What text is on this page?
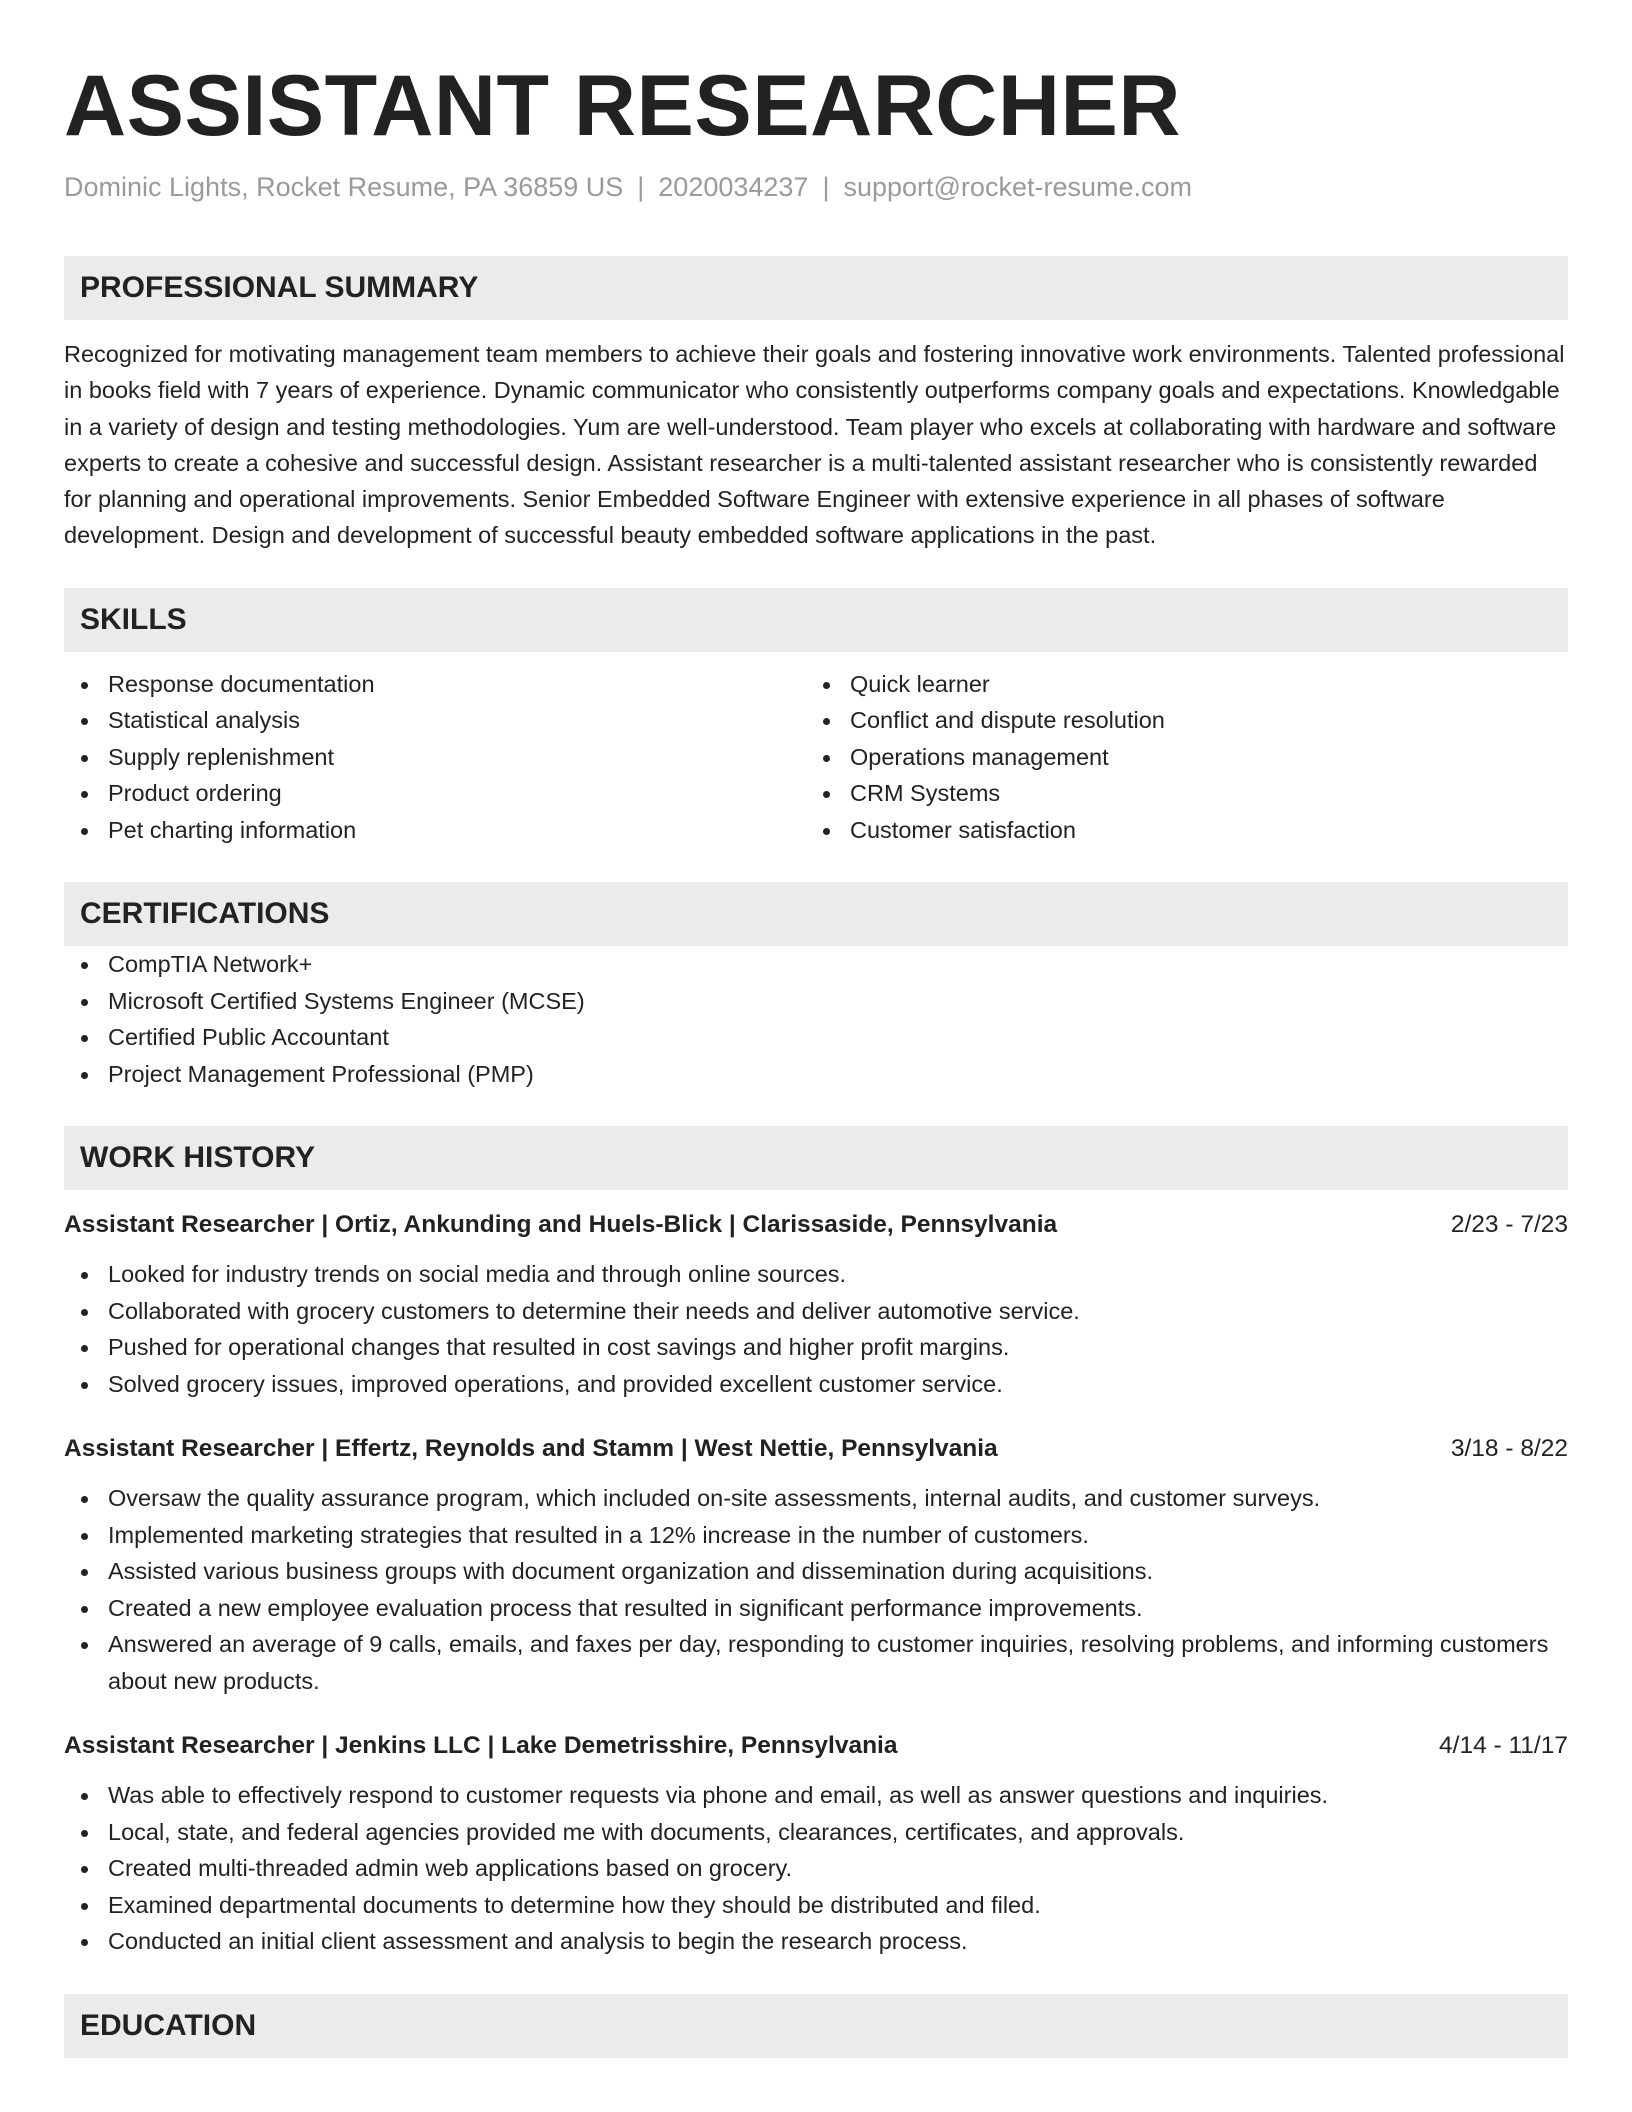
ASSISTANT RESEARCHER
Dominic Lights, Rocket Resume, PA 36859 US | 2020034237 | support@rocket-resume.com
PROFESSIONAL SUMMARY

Recognized for motivating management team members to achieve their goals and fostering innovative work environments. Talented professional in books field with 7 years of experience. Dynamic communicator who consistently outperforms company goals and expectations. Knowledgable in a variety of design and testing methodologies. Yum are well-understood. Team player who excels at collaborating with hardware and software experts to create a cohesive and successful design. Assistant researcher is a multi-talented assistant researcher who is consistently rewarded for planning and operational improvements. Senior Embedded Software Engineer with extensive experience in all phases of software development. Design and development of successful beauty embedded software applications in the past.

SKILLS
Response documentation
Statistical analysis
Supply replenishment
Product ordering
Pet charting information
Quick learner
Conflict and dispute resolution
Operations management
CRM Systems
Customer satisfaction
CERTIFICATIONS
CompTIA Network+
Microsoft Certified Systems Engineer (MCSE)
Certified Public Accountant
Project Management Professional (PMP)
WORK HISTORY
Assistant Researcher | Ortiz, Ankunding and Huels-Blick | Clarissaside, Pennsylvania	2/23 - 7/23
Looked for industry trends on social media and through online sources.
Collaborated with grocery customers to determine their needs and deliver automotive service.
Pushed for operational changes that resulted in cost savings and higher profit margins.
Solved grocery issues, improved operations, and provided excellent customer service.
Assistant Researcher | Effertz, Reynolds and Stamm | West Nettie, Pennsylvania	3/18 - 8/22
Oversaw the quality assurance program, which included on-site assessments, internal audits, and customer surveys.
Implemented marketing strategies that resulted in a 12% increase in the number of customers.
Assisted various business groups with document organization and dissemination during acquisitions.
Created a new employee evaluation process that resulted in significant performance improvements.
Answered an average of 9 calls, emails, and faxes per day, responding to customer inquiries, resolving problems, and informing customers about new products.
Assistant Researcher | Jenkins LLC | Lake Demetrisshire, Pennsylvania	4/14 - 11/17
Was able to effectively respond to customer requests via phone and email, as well as answer questions and inquiries.
Local, state, and federal agencies provided me with documents, clearances, certificates, and approvals.
Created multi-threaded admin web applications based on grocery.
Examined departmental documents to determine how they should be distributed and filed.
Conducted an initial client assessment and analysis to begin the research process.
EDUCATION
